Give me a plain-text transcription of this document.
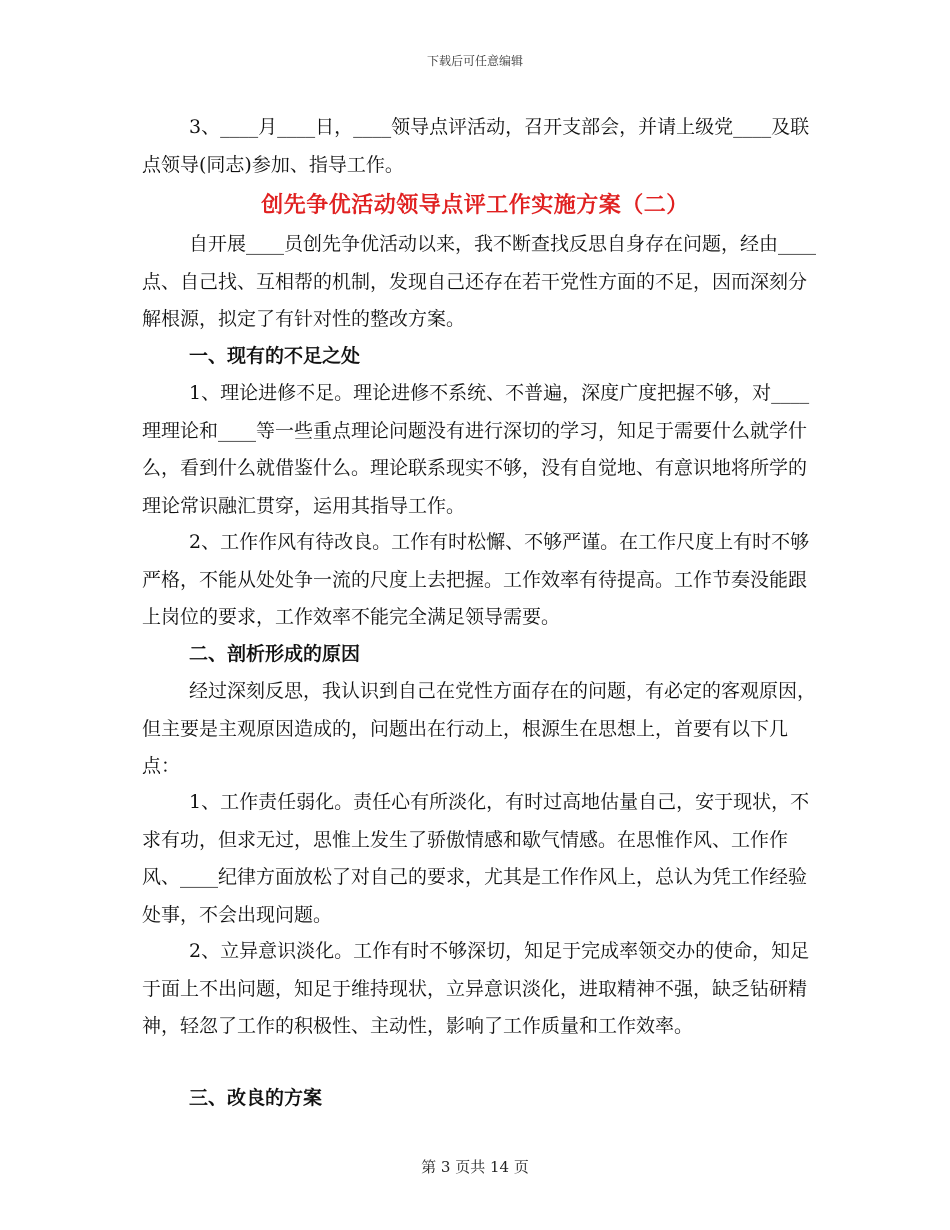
下载后可任意编辑

3、____月____日，____领导点评活动，召开支部会，并请上级党____及联点领导(同志)参加、指导工作。

创先争优活动领导点评工作实施方案（二）

自开展____员创先争优活动以来，我不断查找反思自身存在问题，经由____点、自己找、互相帮的机制，发现自己还存在若干党性方面的不足，因而深刻分解根源，拟定了有针对性的整改方案。

一、现有的不足之处

1、理论进修不足。理论进修不系统、不普遍，深度广度把握不够，对____理理论和____等一些重点理论问题没有进行深切的学习，知足于需要什么就学什么，看到什么就借鉴什么。理论联系现实不够，没有自觉地、有意识地将所学的理论常识融汇贯穿，运用其指导工作。

2、工作作风有待改良。工作有时松懈、不够严谨。在工作尺度上有时不够严格，不能从处处争一流的尺度上去把握。工作效率有待提高。工作节奏没能跟上岗位的要求，工作效率不能完全满足领导需要。

二、剖析形成的原因

经过深刻反思，我认识到自己在党性方面存在的问题，有必定的客观原因，但主要是主观原因造成的，问题出在行动上，根源生在思想上，首要有以下几点：

1、工作责任弱化。责任心有所淡化，有时过高地估量自己，安于现状，不求有功，但求无过，思惟上发生了骄傲情感和歇气情感。在思惟作风、工作作风、____纪律方面放松了对自己的要求，尤其是工作作风上，总认为凭工作经验处事，不会出现问题。

2、立异意识淡化。工作有时不够深切，知足于完成率领交办的使命，知足于面上不出问题，知足于维持现状，立异意识淡化，进取精神不强，缺乏钻研精神，轻忽了工作的积极性、主动性，影响了工作质量和工作效率。

三、改良的方案

第 3 页共 14 页
